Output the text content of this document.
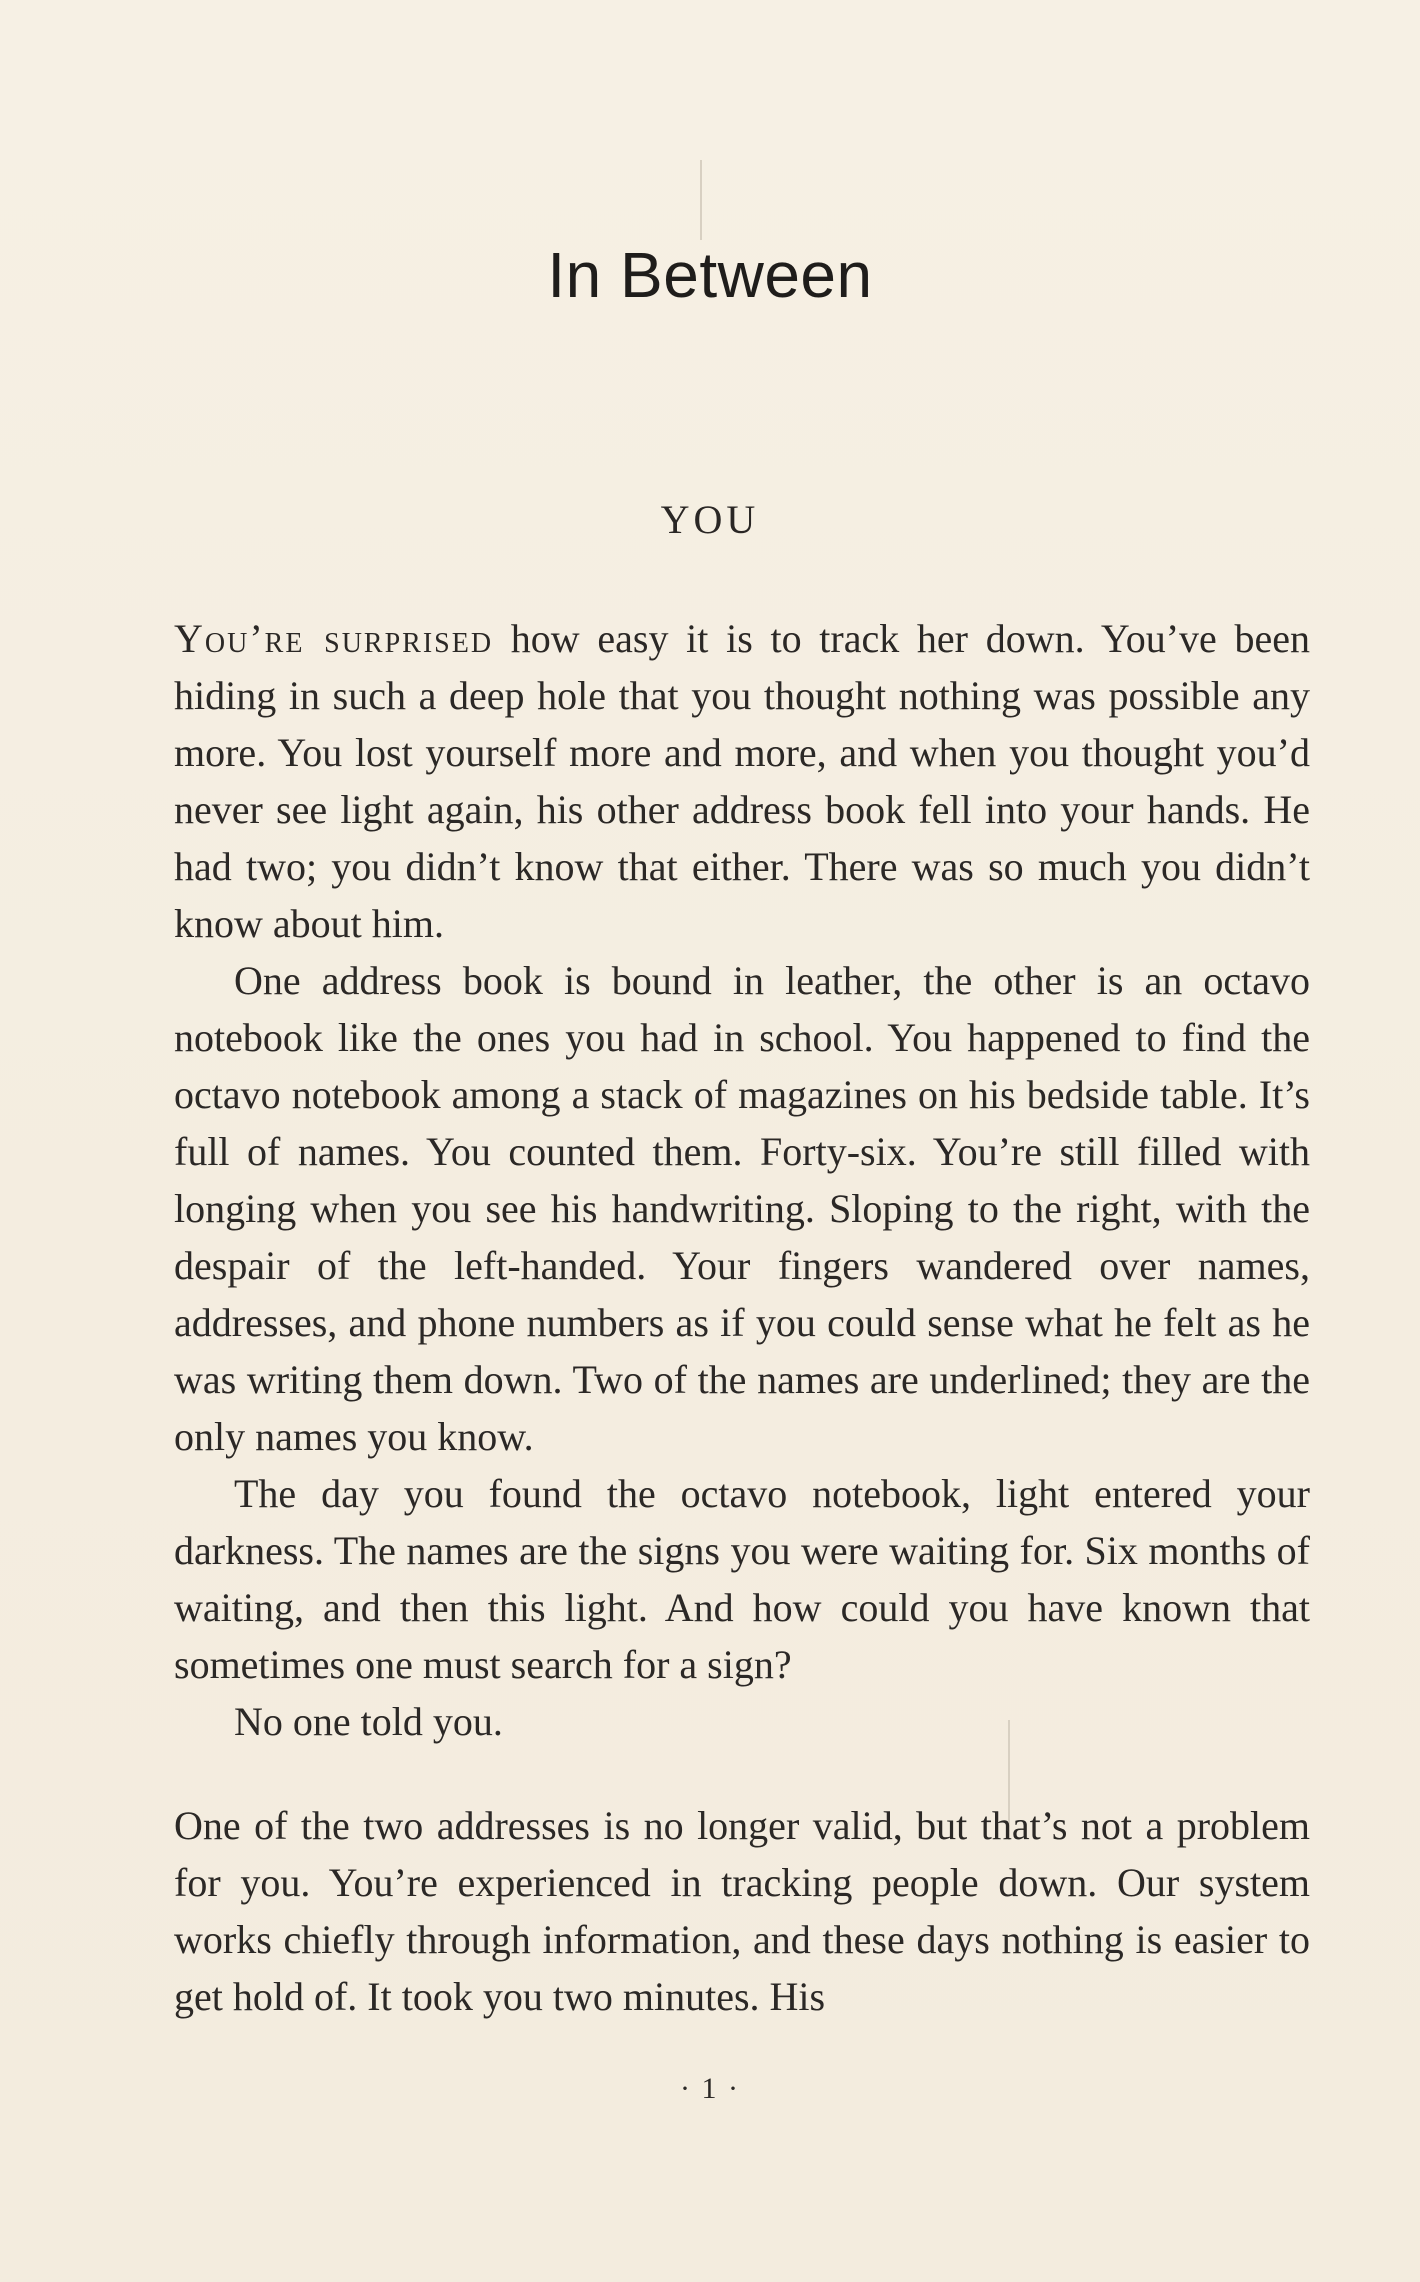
In Between
YOU

You’re surprised how easy it is to track her down. You’ve been hiding in such a deep hole that you thought nothing was possible any more. You lost yourself more and more, and when you thought you’d never see light again, his other address book fell into your hands. He had two; you didn’t know that either. There was so much you didn’t know about him.

One address book is bound in leather, the other is an octavo notebook like the ones you had in school. You happened to find the octavo notebook among a stack of magazines on his bedside table. It’s full of names. You counted them. Forty-six. You’re still filled with longing when you see his handwriting. Sloping to the right, with the despair of the left-handed. Your fingers wandered over names, addresses, and phone numbers as if you could sense what he felt as he was writing them down. Two of the names are underlined; they are the only names you know.

The day you found the octavo notebook, light entered your darkness. The names are the signs you were waiting for. Six months of waiting, and then this light. And how could you have known that sometimes one must search for a sign?

No one told you.

One of the two addresses is no longer valid, but that’s not a problem for you. You’re experienced in tracking people down. Our system works chiefly through information, and these days nothing is easier to get hold of. It took you two minutes. His

· 1 ·
